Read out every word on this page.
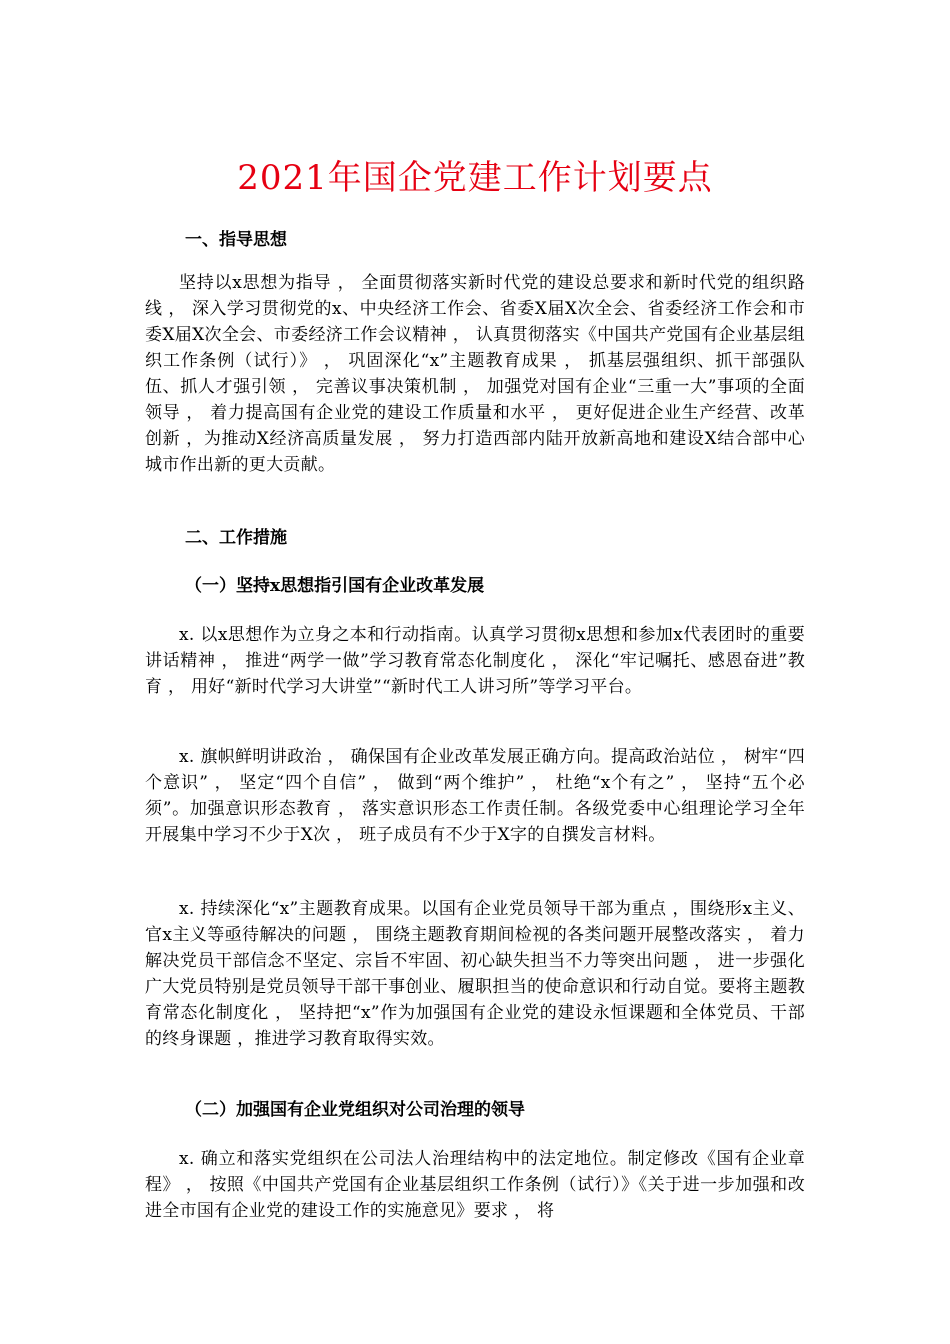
2021年国企党建工作计划要点
一、指导思想
坚持以x思想为指导 ， 全面贯彻落实新时代党的建设总要求和新时代党的组织路线 ， 深入学习贯彻党的x、中央经济工作会、省委X届X次全会、省委经济工作会和市委X届X次全会、市委经济工作会议精神 ， 认真贯彻落实《中国共产党国有企业基层组织工作条例（试行）》 ， 巩固深化“x”主题教育成果 ， 抓基层强组织、抓干部强队伍、抓人才强引领 ， 完善议事决策机制 ， 加强党对国有企业“三重一大”事项的全面领导 ， 着力提高国有企业党的建设工作质量和水平 ， 更好促进企业生产经营、改革创新 ，为推动X经济高质量发展 ， 努力打造西部内陆开放新高地和建设X结合部中心城市作出新的更大贡献。
二、工作措施
（一）坚持x思想指引国有企业改革发展
x. 以x思想作为立身之本和行动指南。认真学习贯彻x思想和参加x代表团时的重要讲话精神 ， 推进“两学一做”学习教育常态化制度化 ， 深化“牢记嘱托、感恩奋进”教育 ， 用好“新时代学习大讲堂”“新时代工人讲习所”等学习平台。
x. 旗帜鲜明讲政治 ， 确保国有企业改革发展正确方向。提高政治站位 ， 树牢“四个意识” ， 坚定“四个自信” ， 做到“两个维护” ， 杜绝“x个有之” ， 坚持“五个必须”。加强意识形态教育 ， 落实意识形态工作责任制。各级党委中心组理论学习全年开展集中学习不少于X次 ， 班子成员有不少于X字的自撰发言材料。
x. 持续深化“x”主题教育成果。以国有企业党员领导干部为重点 ，围绕形x主义、官x主义等亟待解决的问题 ， 围绕主题教育期间检视的各类问题开展整改落实 ， 着力解决党员干部信念不坚定、宗旨不牢固、初心缺失担当不力等突出问题 ， 进一步强化广大党员特别是党员领导干部干事创业、履职担当的使命意识和行动自觉。要将主题教育常态化制度化 ， 坚持把“x”作为加强国有企业党的建设永恒课题和全体党员、干部的终身课题 ，推进学习教育取得实效。
（二）加强国有企业党组织对公司治理的领导
x. 确立和落实党组织在公司法人治理结构中的法定地位。制定修改《国有企业章程》 ， 按照《中国共产党国有企业基层组织工作条例（试行）》《关于进一步加强和改进全市国有企业党的建设工作的实施意见》要求 ， 将
